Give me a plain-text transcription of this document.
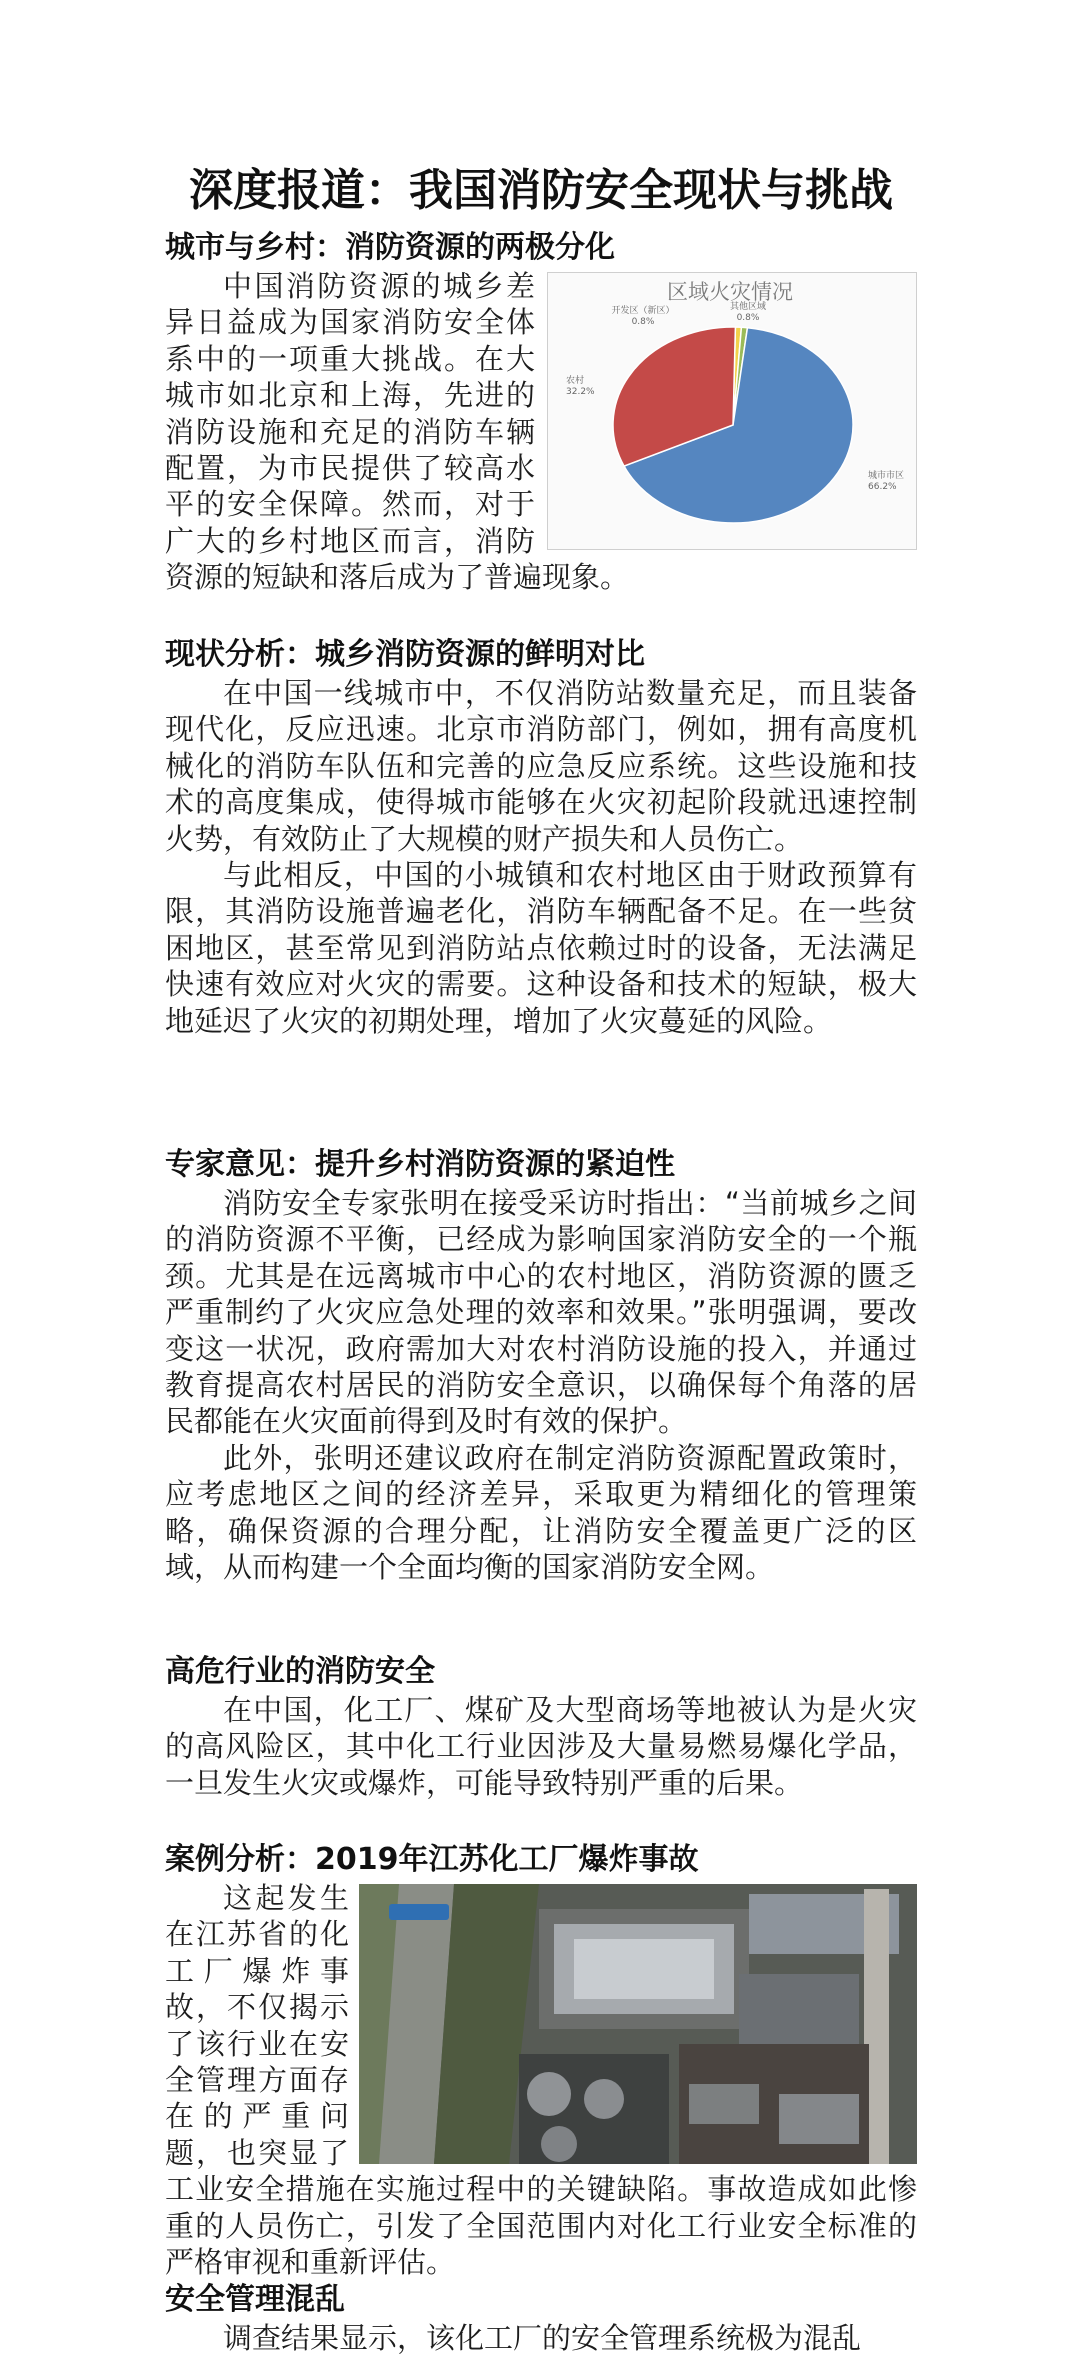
深度报道：我国消防安全现状与挑战
城市与乡村：消防资源的两极分化
区域火灾情况
其他区域
0.8%
开发区（新区）
0.8%
城市市区
66.2%
农村
32.2%

中国消防资源的城乡差异日益成为国家消防安全体系中的一项重大挑战。在大城市如北京和上海，先进的消防设施和充足的消防车辆配置，为市民提供了较高水平的安全保障。然而，对于广大的乡村地区而言，消防资源的短缺和落后成为了普遍现象。

现状分析：城乡消防资源的鲜明对比

在中国一线城市中，不仅消防站数量充足，而且装备现代化，反应迅速。北京市消防部门，例如，拥有高度机械化的消防车队伍和完善的应急反应系统。这些设施和技术的高度集成，使得城市能够在火灾初起阶段就迅速控制火势，有效防止了大规模的财产损失和人员伤亡。

与此相反，中国的小城镇和农村地区由于财政预算有限，其消防设施普遍老化，消防车辆配备不足。在一些贫困地区，甚至常见到消防站点依赖过时的设备，无法满足快速有效应对火灾的需要。这种设备和技术的短缺，极大地延迟了火灾的初期处理，增加了火灾蔓延的风险。

专家意见：提升乡村消防资源的紧迫性

消防安全专家张明在接受采访时指出：“当前城乡之间的消防资源不平衡，已经成为影响国家消防安全的一个瓶颈。尤其是在远离城市中心的农村地区，消防资源的匮乏严重制约了火灾应急处理的效率和效果。”张明强调，要改变这一状况，政府需加大对农村消防设施的投入，并通过教育提高农村居民的消防安全意识，以确保每个角落的居民都能在火灾面前得到及时有效的保护。

此外，张明还建议政府在制定消防资源配置政策时，应考虑地区之间的经济差异，采取更为精细化的管理策略，确保资源的合理分配，让消防安全覆盖更广泛的区域，从而构建一个全面均衡的国家消防安全网。

高危行业的消防安全

在中国，化工厂、煤矿及大型商场等地被认为是火灾的高风险区，其中化工行业因涉及大量易燃易爆化学品，一旦发生火灾或爆炸，可能导致特别严重的后果。

案例分析：2019年江苏化工厂爆炸事故

这起发生在江苏省的化工厂爆炸事故，不仅揭示了该行业在安全管理方面存在的严重问题，也突显了工业安全措施在实施过程中的关键缺陷。事故造成如此惨重的人员伤亡，引发了全国范围内对化工行业安全标准的严格审视和重新评估。

安全管理混乱

调查结果显示，该化工厂的安全管理系统极为混乱
